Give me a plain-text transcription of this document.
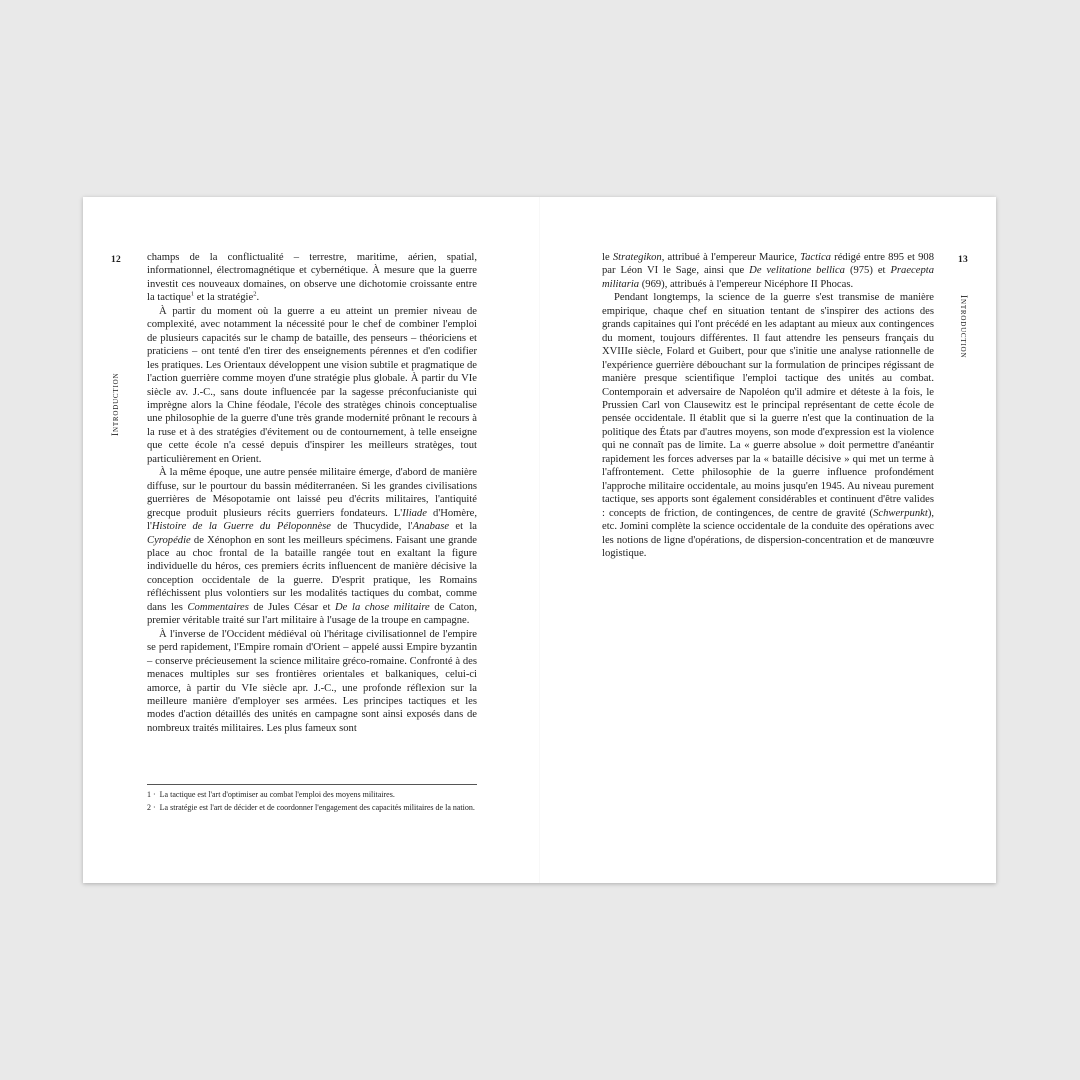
12
Introduction

champs de la conflictualité – terrestre, maritime, aérien, spatial, informationnel, électromagnétique et cybernétique. À mesure que la guerre investit ces nouveaux domaines, on observe une dichotomie croissante entre la tactique$^1$ et la stratégie$^2$.

À partir du moment où la guerre a eu atteint un premier niveau de complexité, avec notamment la nécessité pour le chef de combiner l'emploi de plusieurs capacités sur le champ de bataille, des penseurs – théoriciens et praticiens – ont tenté d'en tirer des enseignements pérennes et d'en codifier les pratiques. Les Orientaux développent une vision subtile et pragmatique de l'action guerrière comme moyen d'une stratégie plus globale. À partir du VIe siècle av. J.-C., sans doute influencée par la sagesse préconfucianiste qui imprègne alors la Chine féodale, l'école des stratèges chinois conceptualise une philosophie de la guerre d'une très grande modernité prônant le recours à la ruse et à des stratégies d'évitement ou de contournement, à telle enseigne que cette école n'a cessé depuis d'inspirer les meilleurs stratèges, tout particulièrement en Orient.

À la même époque, une autre pensée militaire émerge, d'abord de manière diffuse, sur le pourtour du bassin méditerranéen. Si les grandes civilisations guerrières de Mésopotamie ont laissé peu d'écrits militaires, l'antiquité grecque produit plusieurs récits guerriers fondateurs. L'Iliade d'Homère, l'Histoire de la Guerre du Péloponnèse de Thucydide, l'Anabase et la Cyropédie de Xénophon en sont les meilleurs spécimens. Faisant une grande place au choc frontal de la bataille rangée tout en exaltant la figure individuelle du héros, ces premiers écrits influencent de manière décisive la conception occidentale de la guerre. D'esprit pratique, les Romains réfléchissent plus volontiers sur les modalités tactiques du combat, comme dans les Commentaires de Jules César et De la chose militaire de Caton, premier véritable traité sur l'art militaire à l'usage de la troupe en campagne.

À l'inverse de l'Occident médiéval où l'héritage civilisationnel de l'empire se perd rapidement, l'Empire romain d'Orient – appelé aussi Empire byzantin – conserve précieusement la science militaire gréco-romaine. Confronté à des menaces multiples sur ses frontières orientales et balkaniques, celui-ci amorce, à partir du VIe siècle apr. J.-C., une profonde réflexion sur la meilleure manière d'employer ses armées. Les principes tactiques et les modes d'action détaillés des unités en campagne sont ainsi exposés dans de nombreux traités militaires. Les plus fameux sont

1 · La tactique est l'art d'optimiser au combat l'emploi des moyens militaires.

2 · La stratégie est l'art de décider et de coordonner l'engagement des capacités militaires de la nation.

13
Introduction

le Strategikon, attribué à l'empereur Maurice, Tactica rédigé entre 895 et 908 par Léon VI le Sage, ainsi que De velitatione bellica (975) et Praecepta militaria (969), attribués à l'empereur Nicéphore II Phocas.

Pendant longtemps, la science de la guerre s'est transmise de manière empirique, chaque chef en situation tentant de s'inspirer des actions des grands capitaines qui l'ont précédé en les adaptant au mieux aux contingences du moment, toujours différentes. Il faut attendre les penseurs français du XVIIIe siècle, Folard et Guibert, pour que s'initie une analyse rationnelle de l'expérience guerrière débouchant sur la formulation de principes régissant de manière presque scientifique l'emploi tactique des unités au combat. Contemporain et adversaire de Napoléon qu'il admire et déteste à la fois, le Prussien Carl von Clausewitz est le principal représentant de cette école de pensée occidentale. Il établit que si la guerre n'est que la continuation de la politique des États par d'autres moyens, son mode d'expression est la violence qui ne connaît pas de limite. La « guerre absolue » doit permettre d'anéantir rapidement les forces adverses par la « bataille décisive » qui met un terme à l'affrontement. Cette philosophie de la guerre influence profondément l'approche militaire occidentale, au moins jusqu'en 1945. Au niveau purement tactique, ses apports sont également considérables et continuent d'être valides : concepts de friction, de contingences, de centre de gravité (Schwerpunkt), etc. Jomini complète la science occidentale de la conduite des opérations avec les notions de ligne d'opérations, de dispersion-concentration et de manœuvre logistique.
